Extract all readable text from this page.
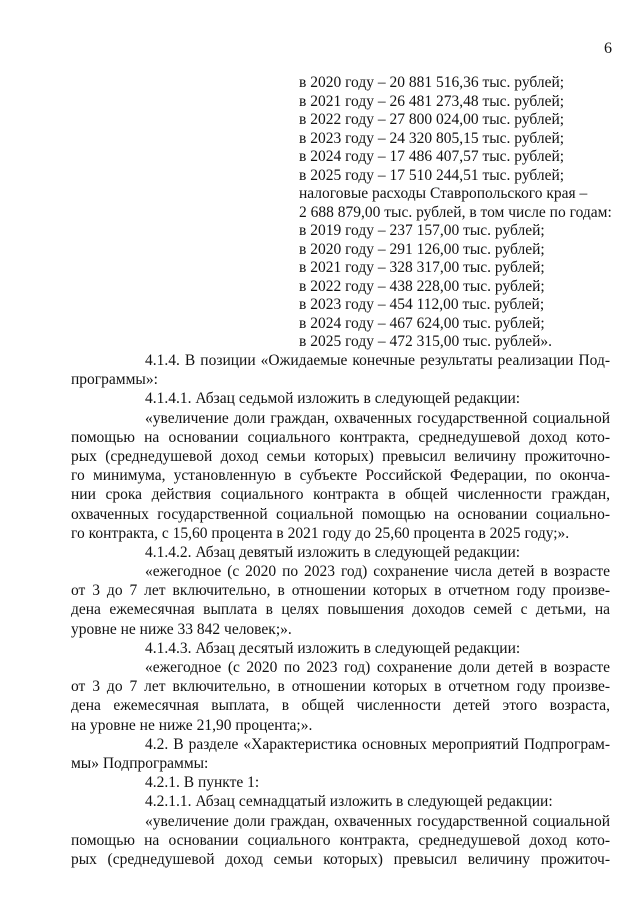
6
в 2020 году – 20 881 516,36 тыс. рублей;
в 2021 году – 26 481 273,48 тыс. рублей;
в 2022 году – 27 800 024,00 тыс. рублей;
в 2023 году – 24 320 805,15 тыс. рублей;
в 2024 году – 17 486 407,57 тыс. рублей;
в 2025 году – 17 510 244,51 тыс. рублей;
налоговые расходы Ставропольского края –
2 688 879,00 тыс. рублей, в том числе по годам:
в 2019 году – 237 157,00 тыс. рублей;
в 2020 году – 291 126,00 тыс. рублей;
в 2021 году – 328 317,00 тыс. рублей;
в 2022 году – 438 228,00 тыс. рублей;
в 2023 году – 454 112,00 тыс. рублей;
в 2024 году – 467 624,00 тыс. рублей;
в 2025 году – 472 315,00 тыс. рублей».
4.1.4. В позиции «Ожидаемые конечные результаты реализации Под-
программы»:
4.1.4.1. Абзац седьмой изложить в следующей редакции:
«увеличение доли граждан, охваченных государственной социальной
помощью на основании социального контракта, среднедушевой доход кото-
рых (среднедушевой доход семьи которых) превысил величину прожиточно-
го минимума, установленную в субъекте Российской Федерации, по оконча-
нии срока действия социального контракта в общей численности граждан,
охваченных государственной социальной помощью на основании социально-
го контракта, с 15,60 процента в 2021 году до 25,60 процента в 2025 году;».
4.1.4.2. Абзац девятый изложить в следующей редакции:
«ежегодное (с 2020 по 2023 год) сохранение числа детей в возрасте
от 3 до 7 лет включительно, в отношении которых в отчетном году произве-
дена ежемесячная выплата в целях повышения доходов семей с детьми, на
уровне не ниже 33 842 человек;».
4.1.4.3. Абзац десятый изложить в следующей редакции:
«ежегодное (с 2020 по 2023 год) сохранение доли детей в возрасте
от 3 до 7 лет включительно, в отношении которых в отчетном году произве-
дена ежемесячная выплата, в общей численности детей этого возраста,
на уровне не ниже 21,90 процента;».
4.2. В разделе «Характеристика основных мероприятий Подпрограм-
мы» Подпрограммы:
4.2.1. В пункте 1:
4.2.1.1. Абзац семнадцатый изложить в следующей редакции:
«увеличение доли граждан, охваченных государственной социальной
помощью на основании социального контракта, среднедушевой доход кото-
рых (среднедушевой доход семьи которых) превысил величину прожиточ-
